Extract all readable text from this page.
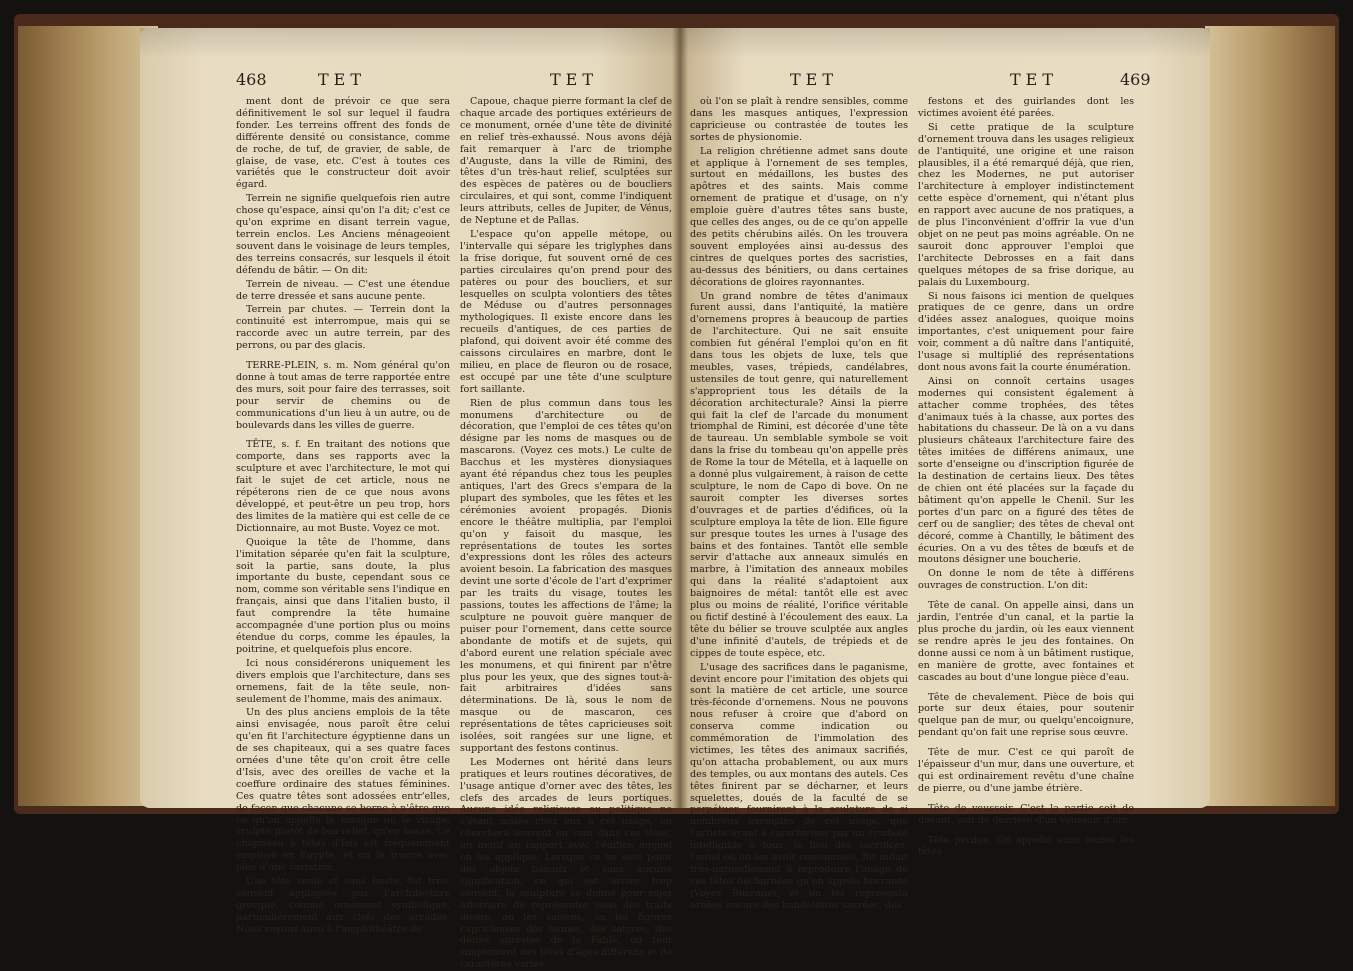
468	TET	TET

ment dont de prévoir ce que sera définitivement le sol sur lequel il faudra fonder. Les terreins offrent des fonds de différente densité ou consistance, comme de roche, de tuf, de gravier, de sable, de glaise, de vase, etc. C'est à toutes ces variétés que le constructeur doit avoir égard.

Terrein ne signifie quelquefois rien autre chose qu'espace, ainsi qu'on l'a dit; c'est ce qu'on exprime en disant terrein vague, terrein enclos. Les Anciens ménageoient souvent dans le voisinage de leurs temples, des terreins consacrés, sur lesquels il étoit défendu de bâtir. — On dit:

Terrein de niveau. — C'est une étendue de terre dressée et sans aucune pente.

Terrein par chutes. — Terrein dont la continuité est interrompue, mais qui se raccorde avec un autre terrein, par des perrons, ou par des glacis.

TERRE-PLEIN, s. m. Nom général qu'on donne à tout amas de terre rapportée entre des murs, soit pour faire des terrasses, soit pour servir de chemins ou de communications d'un lieu à un autre, ou de boulevards dans les villes de guerre.

TÊTE, s. f. En traitant des notions que comporte, dans ses rapports avec la sculpture et avec l'architecture, le mot qui fait le sujet de cet article, nous ne répéterons rien de ce que nous avons développé, et peut-être un peu trop, hors des limites de la matière qui est celle de ce Dictionnaire, au mot Buste. Voyez ce mot.

Quoique la tête de l'homme, dans l'imitation séparée qu'en fait la sculpture, soit la partie, sans doute, la plus importante du buste, cependant sous ce nom, comme son véritable sens l'indique en français, ainsi que dans l'italien busto, il faut comprendre la tête humaine accompagnée d'une portion plus ou moins étendue du corps, comme les épaules, la poitrine, et quelquefois plus encore.

Ici nous considérerons uniquement les divers emplois que l'architecture, dans ses ornemens, fait de la tête seule, non-seulement de l'homme, mais des animaux.

Un des plus anciens emplois de la tête ainsi envisagée, nous paroît être celui qu'en fit l'architecture égyptienne dans un de ses chapiteaux, qui a ses quatre faces ornées d'une tête qu'on croit être celle d'Isis, avec des oreilles de vache et la coeffure ordinaire des statues féminines. Ces quatre têtes sont adossées entr'elles, de façon que chacune se borne à n'être que ce qu'on appelle le masque ou le visage, sculpté plutôt de bas-relief, qu'en bosse. Ce chapiteau à têtes d'Isis est fréquemment employé en Egypte, et on le trouve avec plus d'une variation.

Une tête seule et sans buste, fut très-souvent appliquée par l'architecture grecque, comme ornement symbolique, particulièrement aux clefs des arcades. Nous voyons ainsi à l'amphithéâtre de

Capoue, chaque pierre formant la clef de chaque arcade des portiques extérieurs de ce monument, ornée d'une tête de divinité en relief très-exhaussé. Nous avons déjà fait remarquer à l'arc de triomphe d'Auguste, dans la ville de Rimini, des têtes d'un très-haut relief, sculptées sur des espèces de patères ou de boucliers circulaires, et qui sont, comme l'indiquent leurs attributs, celles de Jupiter, de Vénus, de Neptune et de Pallas.

L'espace qu'on appelle métope, ou l'intervalle qui sépare les triglyphes dans la frise dorique, fut souvent orné de ces parties circulaires qu'on prend pour des patères ou pour des boucliers, et sur lesquelles on sculpta volontiers des têtes de Méduse ou d'autres personnages mythologiques. Il existe encore dans les recueils d'antiques, de ces parties de plafond, qui doivent avoir été comme des caissons circulaires en marbre, dont le milieu, en place de fleuron ou de rosace, est occupé par une tête d'une sculpture fort saillante.

Rien de plus commun dans tous les monumens d'architecture ou de décoration, que l'emploi de ces têtes qu'on désigne par les noms de masques ou de mascarons. (Voyez ces mots.) Le culte de Bacchus et les mystères dionysiaques ayant été répandus chez tous les peuples antiques, l'art des Grecs s'empara de la plupart des symboles, que les fêtes et les cérémonies avoient propagés. Dionis encore le théâtre multiplia, par l'emploi qu'on y faisoit du masque, les représentations de toutes les sortes d'expressions dont les rôles des acteurs avoient besoin. La fabrication des masques devint une sorte d'école de l'art d'exprimer par les traits du visage, toutes les passions, toutes les affections de l'âme; la sculpture ne pouvoit guère manquer de puiser pour l'ornement, dans cette source abondante de motifs et de sujets, qui d'abord eurent une relation spéciale avec les monumens, et qui finirent par n'être plus pour les yeux, que des signes tout-à-fait arbitraires d'idées sans déterminations. De là, sous le nom de masque ou de mascaron, ces représentations de têtes capricieuses soit isolées, soit rangées sur une ligne, et supportant des festons continus.

Les Modernes ont hérité dans leurs pratiques et leurs routines décoratives, de l'usage antique d'orner avec des têtes, les clefs des arcades de leurs portiques. Aucune idée religieuse ou politique ne s'étant mêlée chez eux à cet usage, on cherchera souvent en vain dans ces têtes, un motif en rapport avec l'édifice auquel on les applique. Lorsque ce ne sont point des objets banaux et sans aucune signification, ce qui est arrivé trop souvent, la sculpture se donne pour sujet arbitraire de représenter sous des traits divers, ou les saisons, ou les figures capricieuses des faunes, des satyres, des déités agrestes de la Fable, ou tout simplement des têtes d'âges différens et de caractères variés.

TET	TET	469

où l'on se plaît à rendre sensibles, comme dans les masques antiques, l'expression capricieuse ou contrastée de toutes les sortes de physionomie.

La religion chrétienne admet sans doute et applique à l'ornement de ses temples, surtout en médaillons, les bustes des apôtres et des saints. Mais comme ornement de pratique et d'usage, on n'y emploie guère d'autres têtes sans buste, que celles des anges, ou de ce qu'on appelle des petits chérubins ailés. On les trouvera souvent employées ainsi au-dessus des cintres de quelques portes des sacristies, au-dessus des bénitiers, ou dans certaines décorations de gloires rayonnantes.

Un grand nombre de têtes d'animaux furent aussi, dans l'antiquité, la matière d'ornemens propres à beaucoup de parties de l'architecture. Qui ne sait ensuite combien fut général l'emploi qu'on en fit dans tous les objets de luxe, tels que meubles, vases, trépieds, candélabres, ustensiles de tout genre, qui naturellement s'approprient tous les détails de la décoration architecturale? Ainsi la pierre qui fait la clef de l'arcade du monument triomphal de Rimini, est décorée d'une tête de taureau. Un semblable symbole se voit dans la frise du tombeau qu'on appelle près de Rome la tour de Métella, et à laquelle on a donné plus vulgairement, à raison de cette sculpture, le nom de Capo di bove. On ne sauroit compter les diverses sortes d'ouvrages et de parties d'édifices, où la sculpture employa la tête de lion. Elle figure sur presque toutes les urnes à l'usage des bains et des fontaines. Tantôt elle semble servir d'attache aux anneaux simulés en marbre, à l'imitation des anneaux mobiles qui dans la réalité s'adaptoient aux baignoires de métal: tantôt elle est avec plus ou moins de réalité, l'orifice véritable ou fictif destiné à l'écoulement des eaux. La tête du bélier se trouve sculptée aux angles d'une infinité d'autels, de trépieds et de cippes de toute espèce, etc.

L'usage des sacrifices dans le paganisme, devint encore pour l'imitation des objets qui sont la matière de cet article, une source très-féconde d'ornemens. Nous ne pouvons nous refuser à croire que d'abord on conserva comme indication ou commémoration de l'immolation des victimes, les têtes des animaux sacrifiés, qu'on attacha probablement, ou aux murs des temples, ou aux montans des autels. Ces têtes finirent par se décharner, et leurs squelettes, doués de la faculté de se perpétuer, fournirent à la sculpture de si nombreux exemples de cet usage, que l'artiste ayant à caractériser par un symbole intelligible à tous, le lieu des sacrifices, l'autel où on les avoit consommés, fut induit très-naturellement à reproduire l'image de ces têtes décharnées qu'on appela bucranes (Voyez Bucrane), et on les représenta ornées encore des bandelettes sacrées, des

festons et des guirlandes dont les victimes avoient été parées.

Si cette pratique de la sculpture d'ornement trouva dans les usages religieux de l'antiquité, une origine et une raison plausibles, il a été remarqué déjà, que rien, chez les Modernes, ne put autoriser l'architecture à employer indistinctement cette espèce d'ornement, qui n'étant plus en rapport avec aucune de nos pratiques, a de plus l'inconvénient d'offrir la vue d'un objet on ne peut pas moins agréable. On ne sauroit donc approuver l'emploi que l'architecte Debrosses en a fait dans quelques métopes de sa frise dorique, au palais du Luxembourg.

Si nous faisons ici mention de quelques pratiques de ce genre, dans un ordre d'idées assez analogues, quoique moins importantes, c'est uniquement pour faire voir, comment a dû naître dans l'antiquité, l'usage si multiplié des représentations dont nous avons fait la courte énumération.

Ainsi on connoît certains usages modernes qui consistent également à attacher comme trophées, des têtes d'animaux tués à la chasse, aux portes des habitations du chasseur. De là on a vu dans plusieurs châteaux l'architecture faire des têtes imitées de différens animaux, une sorte d'enseigne ou d'inscription figurée de la destination de certains lieux. Des têtes de chien ont été placées sur la façade du bâtiment qu'on appelle le Chenil. Sur les portes d'un parc on a figuré des têtes de cerf ou de sanglier; des têtes de cheval ont décoré, comme à Chantilly, le bâtiment des écuries. On a vu des têtes de bœufs et de moutons désigner une boucherie.

On donne le nom de tête à différens ouvrages de construction. L'on dit:

Tête de canal. On appelle ainsi, dans un jardin, l'entrée d'un canal, et la partie la plus proche du jardin, où les eaux viennent se rendre après le jeu des fontaines. On donne aussi ce nom à un bâtiment rustique, en manière de grotte, avec fontaines et cascades au bout d'une longue pièce d'eau.

Tête de chevalement. Pièce de bois qui porte sur deux étaies, pour soutenir quelque pan de mur, ou quelqu'encoignure, pendant qu'on fait une reprise sous œuvre.

Tête de mur. C'est ce qui paroît de l'épaisseur d'un mur, dans une ouverture, et qui est ordinairement revêtu d'une chaîne de pierre, ou d'une jambe étrière.

Tête de voussoir. C'est la partie soit de devant, soit de derrière d'un voussoir d'arc.

Tête perdue. On appelle ainsi toutes les têtes
